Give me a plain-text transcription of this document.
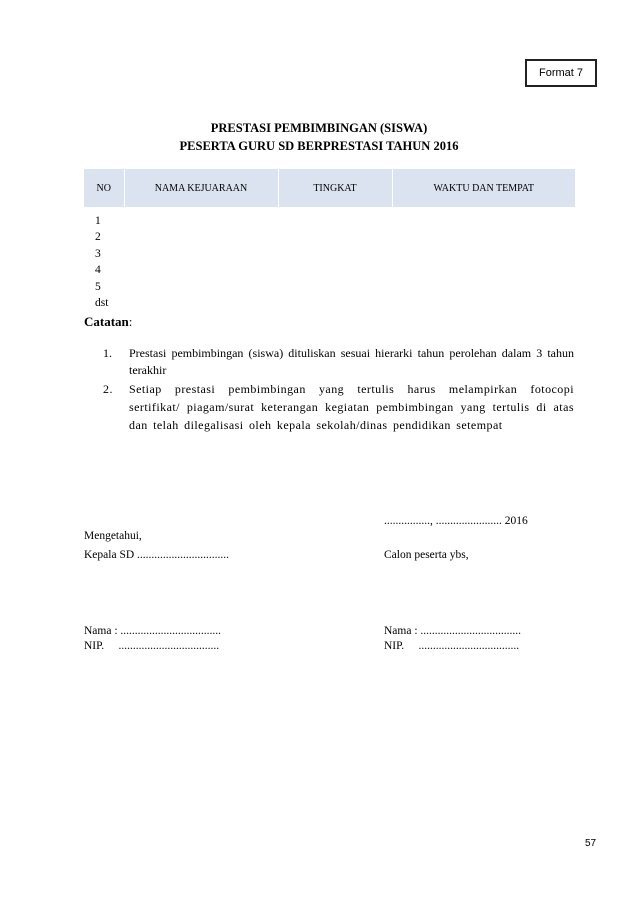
Format 7
PRESTASI PEMBIMBINGAN (SISWA)
PESERTA GURU SD BERPRESTASI TAHUN 2016
NO	NAMA KEJUARAAN	TINGKAT	WAKTU DAN TEMPAT
1
2
3
4
5
dst
Catatan:
1. Prestasi pembimbingan (siswa) dituliskan sesuai hierarki tahun perolehan dalam 3 tahun terakhir
2. Setiap prestasi pembimbingan yang tertulis harus melampirkan fotocopi sertifikat/ piagam/surat keterangan kegiatan pembimbingan yang tertulis di atas dan telah dilegalisasi oleh kepala sekolah/dinas pendidikan setempat
................, ....................... 2016
Mengetahui,
Kepala SD ................................	Calon peserta ybs,
Nama : ...................................
NIP.     ...................................
Nama : ...................................
NIP.     ...................................
57
